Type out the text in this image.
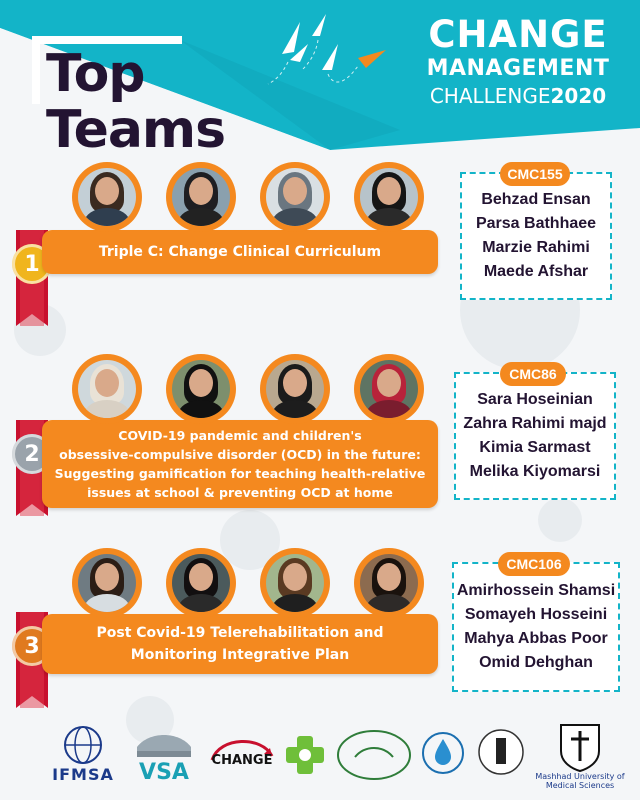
Top
Teams
CHANGE
MANAGEMENT
CHALLENGE2020
1	Triple C: Change Clinical Curriculum
Behzad Ensan
Parsa Bathhaee
Marzie Rahimi
Maede Afshar
CMC155
2
COVID-19 pandemic and children's
obsessive-compulsive disorder (OCD) in the future:
Suggesting gamification for teaching health-relative
issues at school & preventing OCD at home
Sara Hoseinian
Zahra Rahimi majd
Kimia Sarmast
Melika Kiyomarsi
CMC86
3
Post Covid-19 Telerehabilitation and
Monitoring Integrative Plan
Amirhossein Shamsi
Somayeh Hosseini
Mahya Abbas Poor
Omid Dehghan
CMC106
IFMSA VSA CHANGE
Mashhad University of
Medical Sciences
